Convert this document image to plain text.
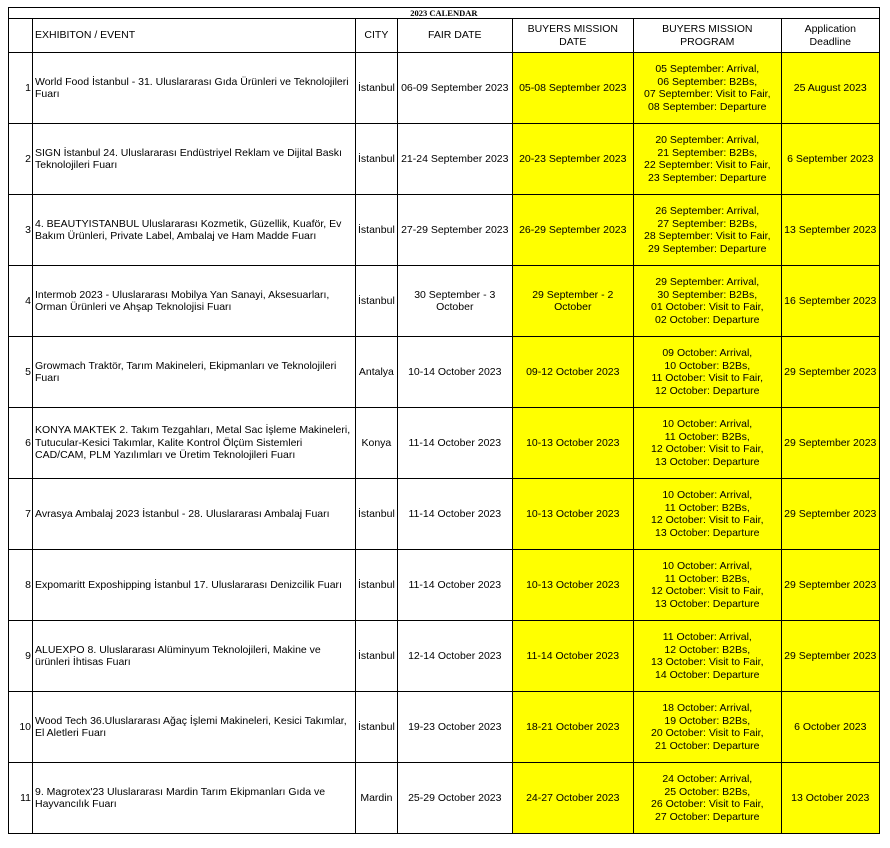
2023 CALENDAR						
	EXHIBITON / EVENT	CITY	FAIR DATE	BUYERS MISSION DATE	BUYERS MISSION PROGRAM	Application Deadline
1	World Food İstanbul - 31. Uluslararası Gıda Ürünleri ve Teknolojileri Fuarı	İstanbul	06-09 September 2023	05-08 September 2023	05 September: Arrival,
06 September: B2Bs,
07 September: Visit to Fair,
08 September: Departure	25 August 2023
2	SIGN İstanbul 24. Uluslararası Endüstriyel Reklam ve Dijital Baskı Teknolojileri Fuarı	İstanbul	21-24 September 2023	20-23 September 2023	20 September: Arrival,
21 September: B2Bs,
22 September: Visit to Fair,
23 September: Departure	6 September 2023
3	4. BEAUTYISTANBUL Uluslararası Kozmetik, Güzellik, Kuaför, Ev Bakım Ürünleri, Private Label, Ambalaj ve Ham Madde Fuarı	İstanbul	27-29 September 2023	26-29 September 2023	26 September: Arrival,
27 September: B2Bs,
28 September: Visit to Fair,
29 September: Departure	13 September 2023
4	Intermob 2023 - Uluslararası Mobilya Yan Sanayi, Aksesuarları, Orman Ürünleri ve Ahşap Teknolojisi Fuarı	İstanbul	30 September - 3 October	29 September - 2 October	29 September: Arrival,
30 September: B2Bs,
01 October: Visit to Fair,
02 October: Departure	16 September 2023
5	Growmach Traktör, Tarım Makineleri, Ekipmanları ve Teknolojileri Fuarı	Antalya	10-14 October 2023	09-12 October 2023	09 October: Arrival,
10 October: B2Bs,
11 October: Visit to Fair,
12 October: Departure	29 September 2023
6	KONYA MAKTEK 2. Takım Tezgahları, Metal Sac İşleme Makineleri, Tutucular-Kesici Takımlar, Kalite Kontrol Ölçüm Sistemleri CAD/CAM, PLM Yazılımları ve Üretim Teknolojileri Fuarı	Konya	11-14 October 2023	10-13 October 2023	10 October: Arrival,
11 October: B2Bs,
12 October: Visit to Fair,
13 October: Departure	29 September 2023
7	Avrasya Ambalaj 2023 İstanbul - 28. Uluslararası Ambalaj Fuarı	İstanbul	11-14 October 2023	10-13 October 2023	10 October: Arrival,
11 October: B2Bs,
12 October: Visit to Fair,
13 October: Departure	29 September 2023
8	Expomaritt Exposhipping İstanbul 17. Uluslararası Denizcilik Fuarı	İstanbul	11-14 October 2023	10-13 October 2023	10 October: Arrival,
11 October: B2Bs,
12 October: Visit to Fair,
13 October: Departure	29 September 2023
9	ALUEXPO 8. Uluslararası Alüminyum Teknolojileri, Makine ve ürünleri İhtisas Fuarı	İstanbul	12-14 October 2023	11-14 October 2023	11 October: Arrival,
12 October: B2Bs,
13 October: Visit to Fair,
14 October: Departure	29 September 2023
10	Wood Tech 36.Uluslararası Ağaç İşlemi Makineleri, Kesici Takımlar, El Aletleri Fuarı	İstanbul	19-23 October 2023	18-21 October 2023	18 October: Arrival,
19 October: B2Bs,
20 October: Visit to Fair,
21 October: Departure	6 October 2023
11	9. Magrotex'23 Uluslararası Mardin Tarım Ekipmanları Gıda ve Hayvancılık Fuarı	Mardin	25-29 October 2023	24-27 October 2023	24 October: Arrival,
25 October: B2Bs,
26 October: Visit to Fair,
27 October: Departure	13 October 2023
